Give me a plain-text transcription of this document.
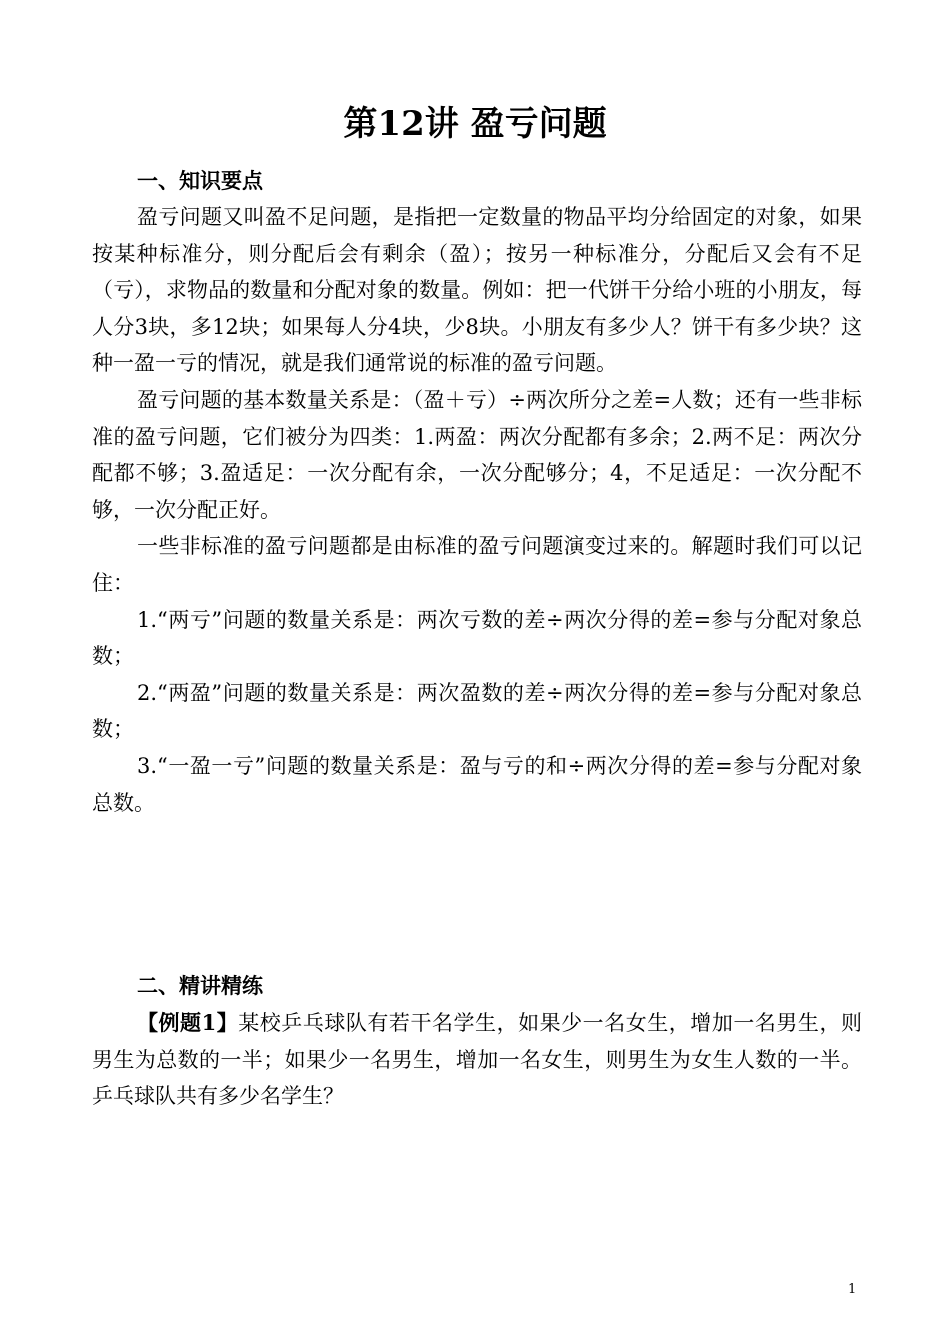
第12讲 盈亏问题
一、知识要点

盈亏问题又叫盈不足问题，是指把一定数量的物品平均分给固定的对象，如果按某种标准分，则分配后会有剩余（盈）；按另一种标准分，分配后又会有不足（亏），求物品的数量和分配对象的数量。例如：把一代饼干分给小班的小朋友，每人分3块，多12块；如果每人分4块，少8块。小朋友有多少人？饼干有多少块？这种一盈一亏的情况，就是我们通常说的标准的盈亏问题。

盈亏问题的基本数量关系是：（盈＋亏）÷两次所分之差=人数；还有一些非标准的盈亏问题，它们被分为四类：1.两盈：两次分配都有多余；2.两不足：两次分配都不够；3.盈适足：一次分配有余，一次分配够分；4，不足适足：一次分配不够，一次分配正好。

一些非标准的盈亏问题都是由标准的盈亏问题演变过来的。解题时我们可以记住：

1.“两亏”问题的数量关系是：两次亏数的差÷两次分得的差=参与分配对象总数；

2.“两盈”问题的数量关系是：两次盈数的差÷两次分得的差=参与分配对象总数；

3.“一盈一亏”问题的数量关系是：盈与亏的和÷两次分得的差=参与分配对象总数。

二、精讲精练

【例题1】某校乒乓球队有若干名学生，如果少一名女生，增加一名男生，则男生为总数的一半；如果少一名男生，增加一名女生，则男生为女生人数的一半。乒乓球队共有多少名学生？

1
